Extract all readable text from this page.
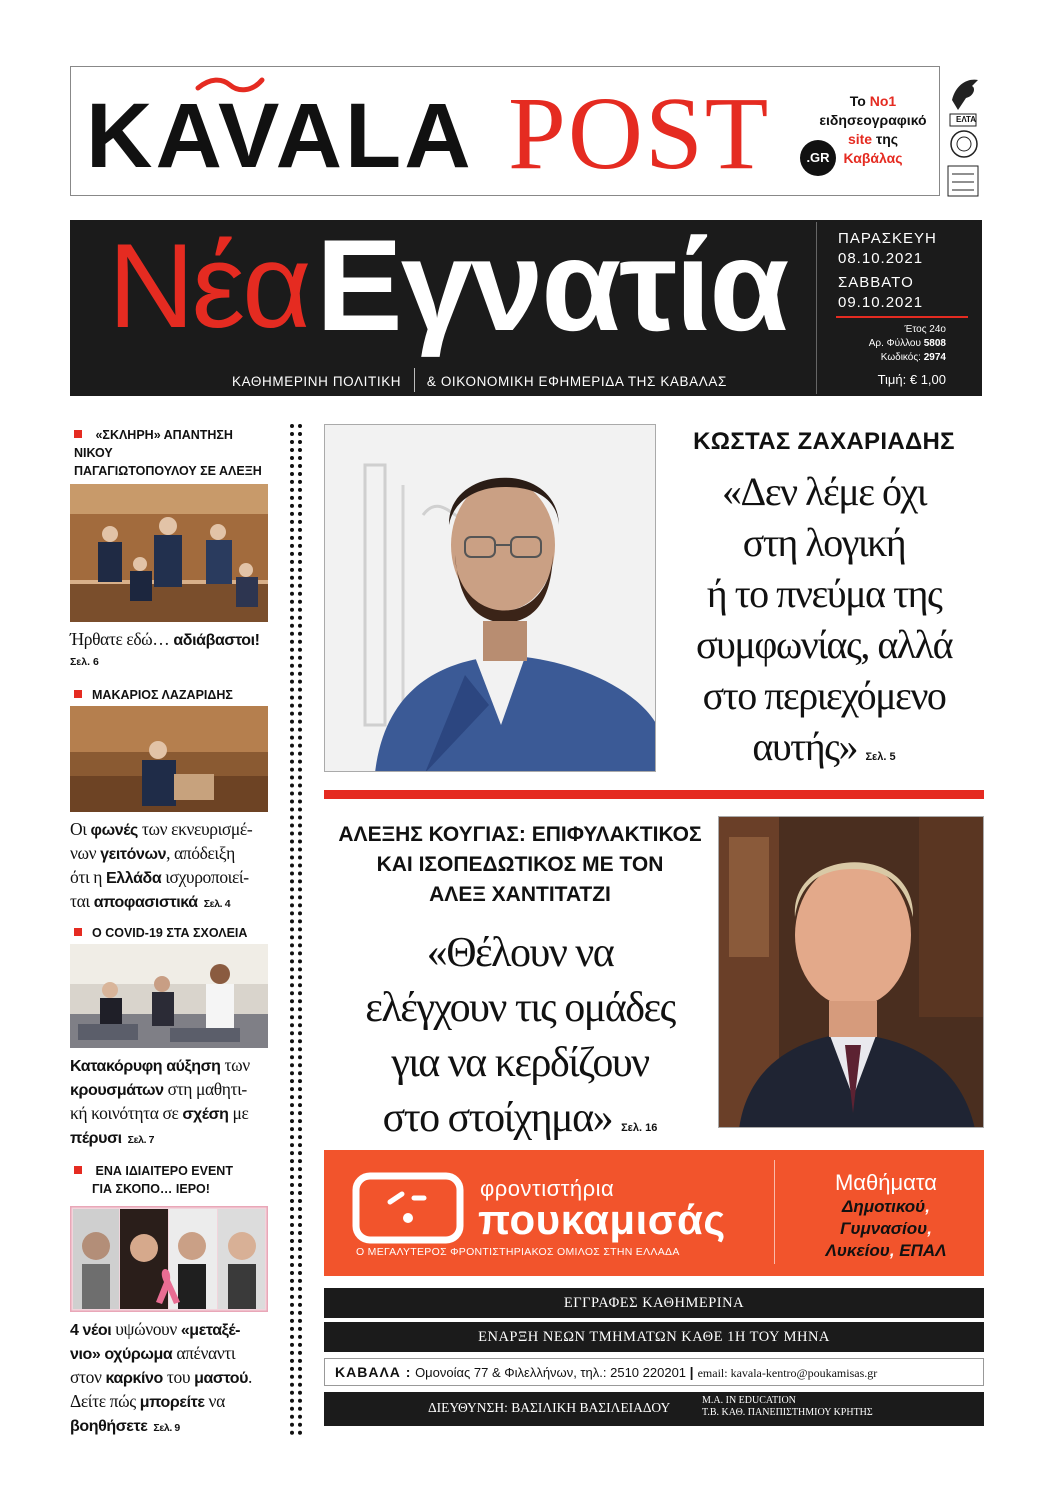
KAVALA POST	.GR
Το Νο1
ειδησεογραφικό
site της
Καβάλας
ΕΛΤΑ
Νέα Εγνατία
ΚΑΘΗΜΕΡΙΝΗ ΠΟΛΙΤΙΚΗ & ΟΙΚΟΝΟΜΙΚΗ ΕΦΗΜΕΡΙΔΑ ΤΗΣ ΚΑΒΑΛΑΣ
ΠΑΡΑΣΚΕΥΗ
08.10.2021
ΣΑΒΒΑΤΟ
09.10.2021
Έτος 24ο
Αρ. Φύλλου 5808
Κωδικός: 2974
Τιμή: € 1,00
«ΣΚΛΗΡΗ» ΑΠΑΝΤΗΣΗ ΝΙΚΟΥ
ΠΑΓΑΓΙΩΤΟΠΟΥΛΟΥ ΣΕ ΑΛΕΞΗ

Ήρθατε εδώ… αδιάβαστοι!
Σελ. 6
ΜΑΚΑΡΙΟΣ ΛΑΖΑΡΙΔΗΣ
Οι φωνές των εκνευρισμέ-
νων γειτόνων, απόδειξη
ότι η Ελλάδα ισχυροποιεί-
ται αποφασιστικά Σελ. 4
Ο COVID-19 ΣΤΑ ΣΧΟΛΕΙΑ
Κατακόρυφη αύξηση των
κρουσμάτων στη μαθητι-
κή κοινότητα σε σχέση με
πέρυσι Σελ. 7
ΕΝΑ ΙΔΙΑΙΤΕΡΟ EVENT
ΓΙΑ ΣΚΟΠΟ… ΙΕΡΟ!
4 νέοι υψώνουν «μεταξέ-
νιο» οχύρωμα απέναντι
στον καρκίνο του μαστού.
Δείτε πώς μπορείτε να
βοηθήσετε Σελ. 9
ΚΩΣΤΑΣ ΖΑΧΑΡΙΑΔΗΣ
«Δεν λέμε όχι
στη λογική
ή το πνεύμα της
συμφωνίας, αλλά
στο περιεχόμενο
αυτής» Σελ. 5
ΑΛΕΞΗΣ ΚΟΥΓΙΑΣ: ΕΠΙΦΥΛΑΚΤΙΚΟΣ
ΚΑΙ ΙΣΟΠΕΔΩΤΙΚΟΣ ΜΕ ΤΟΝ
ΑΛΕΞ ΧΑΝΤΙΤΑΤΖΙ
«Θέλουν να
ελέγχουν τις ομάδες
για να κερδίζουν
στο στοίχημα» Σελ. 16
φροντιστήρια
πουκαμισάς
Ο ΜΕΓΑΛΥΤΕΡΟΣ ΦΡΟΝΤΙΣΤΗΡΙΑΚΟΣ ΟΜΙΛΟΣ ΣΤΗΝ ΕΛΛΑΔΑ
Μαθήματα
Δημοτικού,
Γυμνασίου,
Λυκείου, ΕΠΑΛ
ΕΓΓΡΑΦΕΣ ΚΑΘΗΜΕΡΙΝΑ
ΕΝΑΡΞΗ ΝΕΩΝ ΤΜΗΜΑΤΩΝ ΚΑΘΕ 1Η ΤΟΥ ΜΗΝΑ
ΚΑΒΑΛΑ : Ομονοίας 77 & Φιλελλήνων, τηλ.: 2510 220201 | email: kavala-kentro@poukamisas.gr
ΔΙΕΥΘΥΝΣΗ: ΒΑΣΙΛΙΚΗ ΒΑΣΙΛΕΙΑΔΟΥ	M.A. IN EDUCATION
Τ.Β. ΚΑΘ. ΠΑΝΕΠΙΣΤΗΜΙΟΥ ΚΡΗΤΗΣ
